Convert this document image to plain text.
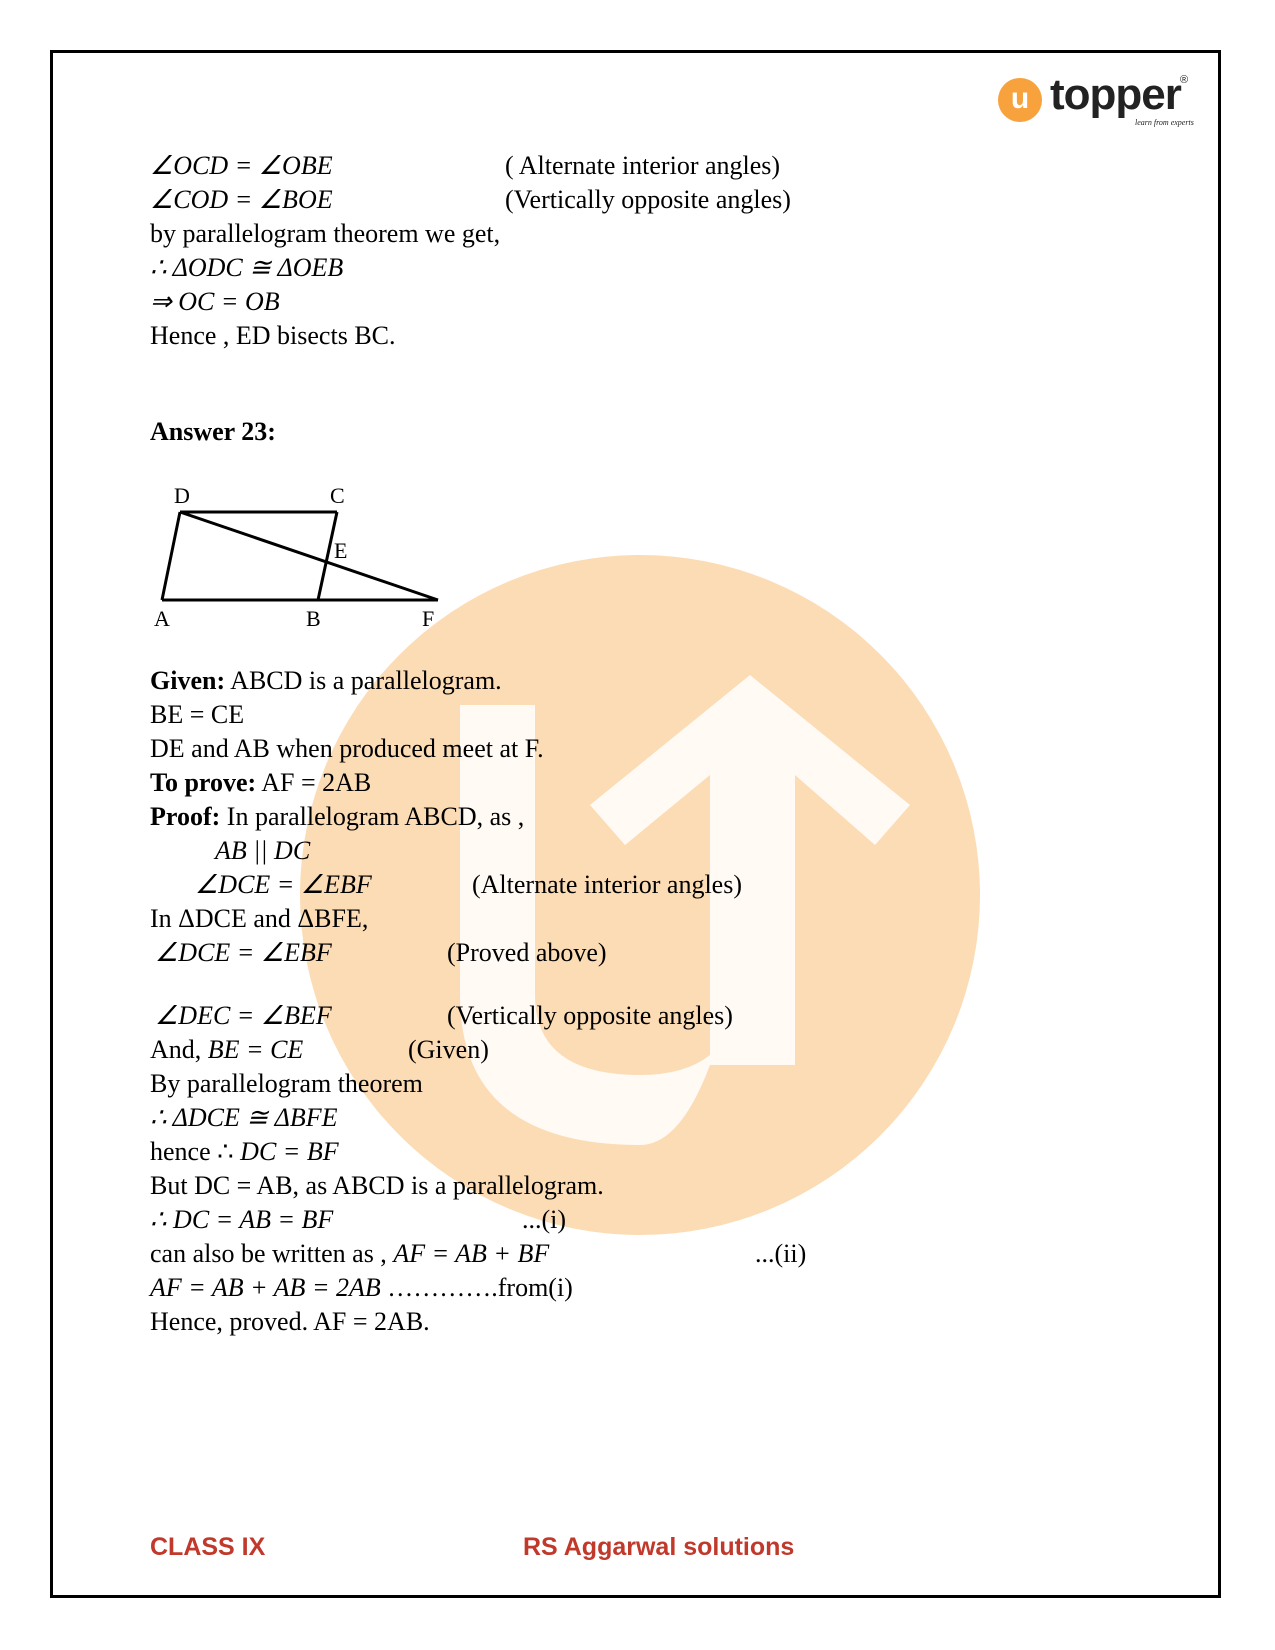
u topper ®
learn from experts
∠OCD = ∠OBE	( Alternate interior angles)
∠COD = ∠BOE	(Vertically opposite angles)
by parallelogram theorem we get,
∴ ΔODC ≅ ΔOEB
⇒ OC = OB
Hence , ED bisects BC.
Answer 23:
D	C
E
A	B	F
Given: ABCD is a parallelogram.
BE = CE
DE and AB when produced meet at F.
To prove: AF = 2AB
Proof: In parallelogram ABCD, as ,
AB || DC
∠DCE = ∠EBF	(Alternate interior angles)
In ΔDCE and ΔBFE,
∠DCE = ∠EBF	(Proved above)
∠DEC = ∠BEF	(Vertically opposite angles)
And, BE = CE	(Given)
By parallelogram theorem
∴ ΔDCE ≅ ΔBFE
hence ∴ DC = BF
But DC = AB, as ABCD is a parallelogram.
∴ DC = AB = BF	...(i)
can also be written as , AF = AB + BF	...(ii)
AF = AB + AB = 2AB ………….from(i)
Hence, proved. AF = 2AB.
CLASS IX	RS Aggarwal solutions
